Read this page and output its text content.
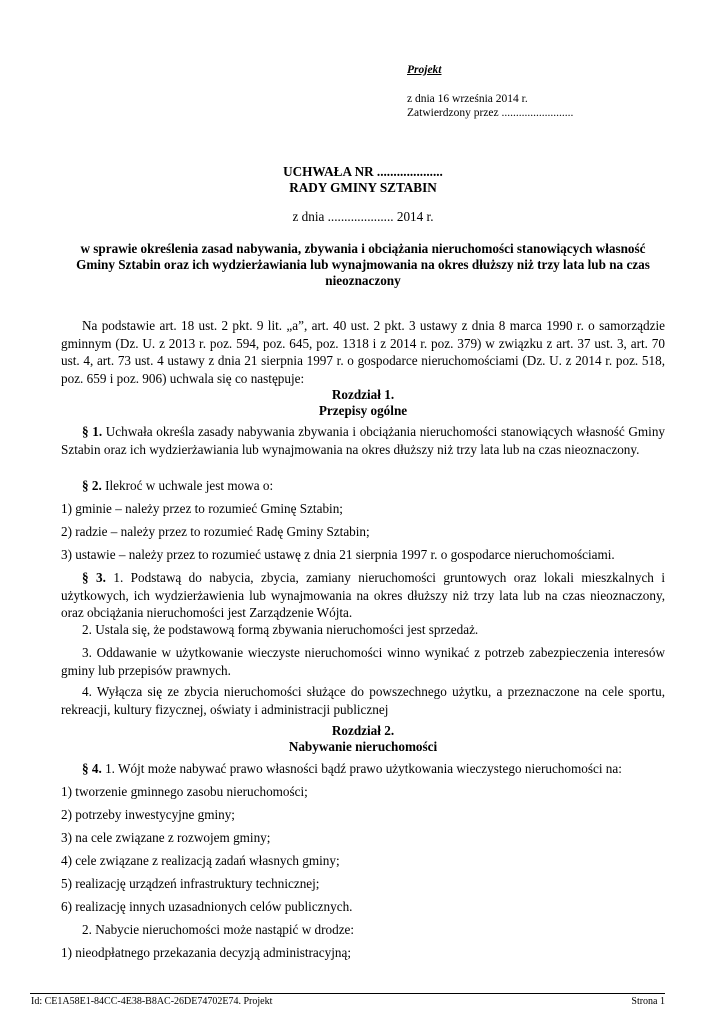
Projekt
z dnia 16 września 2014 r.
Zatwierdzony przez .........................
UCHWAŁA NR ....................
RADY GMINY SZTABIN
z dnia .................... 2014 r.
w sprawie określenia zasad nabywania, zbywania i obciążania nieruchomości stanowiących własność
Gminy Sztabin oraz ich wydzierżawiania lub wynajmowania na okres dłuższy niż trzy lata lub na czas
nieoznaczony

Na podstawie art. 18 ust. 2 pkt. 9 lit. „a”, art. 40 ust. 2 pkt. 3 ustawy z dnia 8 marca 1990 r. o samorządzie gminnym (Dz. U. z 2013 r. poz. 594, poz. 645, poz. 1318 i z 2014 r. poz. 379) w związku z art. 37 ust. 3, art. 70 ust. 4, art. 73 ust. 4 ustawy z dnia 21 sierpnia 1997 r. o gospodarce nieruchomościami (Dz. U. z 2014 r. poz. 518, poz. 659 i poz. 906) uchwala się co następuje:

Rozdział 1.
Przepisy ogólne

§ 1. Uchwała określa zasady nabywania zbywania i obciążania nieruchomości stanowiących własność Gminy Sztabin oraz ich wydzierżawiania lub wynajmowania na okres dłuższy niż trzy lata lub na czas nieoznaczony.

§ 2. Ilekroć w uchwale jest mowa o:

1) gminie – należy przez to rozumieć Gminę Sztabin;
2) radzie – należy przez to rozumieć Radę Gminy Sztabin;
3) ustawie – należy przez to rozumieć ustawę z dnia 21 sierpnia 1997 r. o gospodarce nieruchomościami.

§ 3. 1. Podstawą do nabycia, zbycia, zamiany nieruchomości gruntowych oraz lokali mieszkalnych i użytkowych, ich wydzierżawienia lub wynajmowania na okres dłuższy niż trzy lata lub na czas nieoznaczony, oraz obciążania nieruchomości jest Zarządzenie Wójta.

2. Ustala się, że podstawową formą zbywania nieruchomości jest sprzedaż.

3. Oddawanie w użytkowanie wieczyste nieruchomości winno wynikać z potrzeb zabezpieczenia interesów gminy lub przepisów prawnych.

4. Wyłącza się ze zbycia nieruchomości służące do powszechnego użytku, a przeznaczone na cele sportu, rekreacji, kultury fizycznej, oświaty i administracji publicznej

Rozdział 2.
Nabywanie nieruchomości

§ 4. 1. Wójt może nabywać prawo własności bądź prawo użytkowania wieczystego nieruchomości na:

1) tworzenie gminnego zasobu nieruchomości;
2) potrzeby inwestycyjne gminy;
3) na cele związane z rozwojem gminy;
4) cele związane z realizacją zadań własnych gminy;
5) realizację urządzeń infrastruktury technicznej;
6) realizację innych uzasadnionych celów publicznych.

2. Nabycie nieruchomości może nastąpić w drodze:

1) nieodpłatnego przekazania decyzją administracyjną;
Id: CE1A58E1-84CC-4E38-B8AC-26DE74702E74. Projekt	Strona 1
